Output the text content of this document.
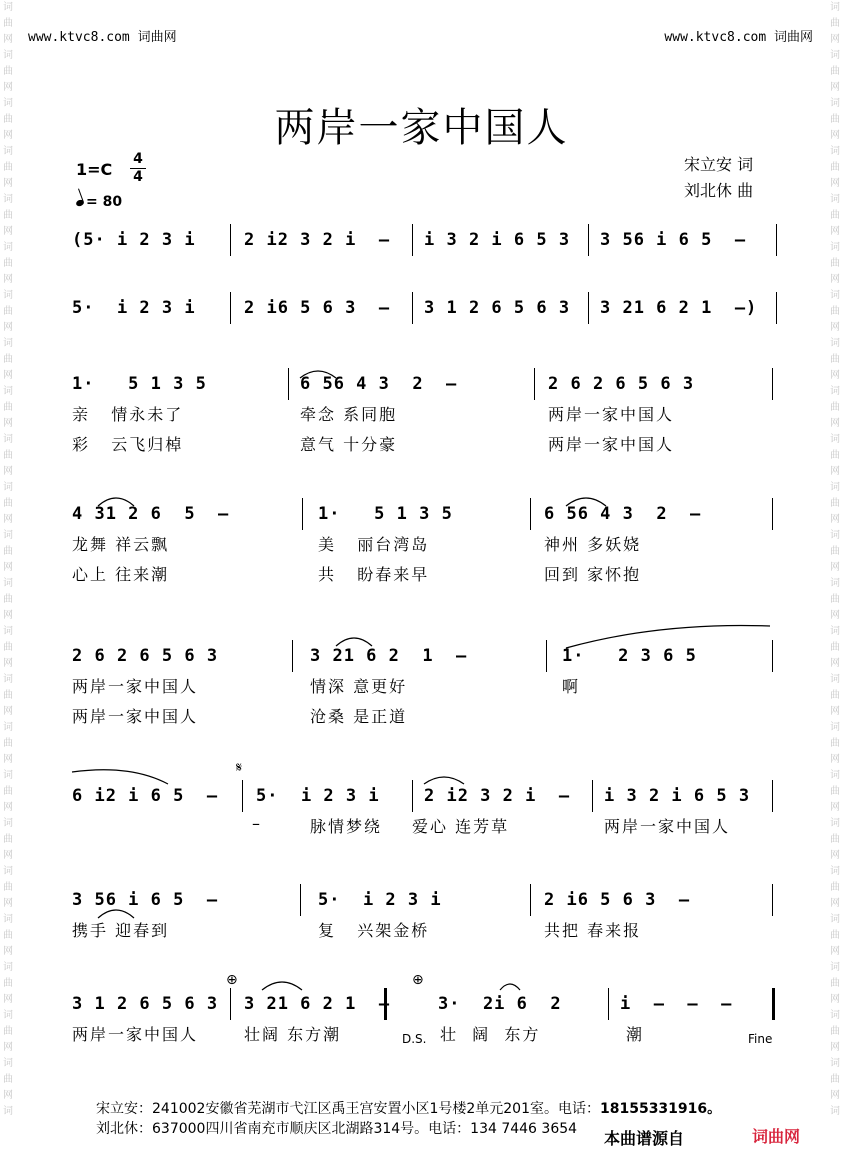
词
曲
网
词
曲
网
词
曲
网
词
曲
网
词
曲
网
词
曲
网
词
曲
网
词
曲
网
词
曲
网
词
曲
网
词
曲
网
词
曲
网
词
曲
网
词
曲
网
词
曲
网
词
曲
网
词
曲
网
词
曲
网
词
曲
网
词
曲
网
词
曲
网
词
曲
网
词
曲
网
词
词
曲
网
词
曲
网
词
曲
网
词
曲
网
词
曲
网
词
曲
网
词
曲
网
词
曲
网
词
曲
网
词
曲
网
词
曲
网
词
曲
网
词
曲
网
词
曲
网
词
曲
网
词
曲
网
词
曲
网
词
曲
网
词
曲
网
词
曲
网
词
曲
网
词
曲
网
词
曲
网
词
www.ktvc8.com 词曲网	www.ktvc8.com 词曲网
两岸一家中国人
1=C
4
4
= 80
宋立安 词
刘北休 曲
(5· i 2 3 i	2 i2 3 2 i  – i 3 2 i 6 5 3 3 56 i 6 5  –
5·  i 2 3 i	2 i6 5 6 3  – 3 1 2 6 5 6 3 3 21 6 2 1  –)
1·   5 1 3 5	6 56 4 3  2  –	2 6 2 6 5 6 3
亲   情永未了	牵念 系同胞	两岸一家中国人
彩   云飞归棹	意气 十分豪	两岸一家中国人
4 31 2 6  5  –	1·   5 1 3 5	6 56 4 3  2  –
龙舞 祥云飘	美   丽台湾岛	神州 多妖娆
心上 往来潮	共   盼春来早	回到 家怀抱
2 6 2 6 5 6 3	3 21 6 2  1  –	1·   2 3 6 5
两岸一家中国人	情深 意更好	啊
两岸一家中国人	沧桑 是正道
6 i2 i 6 5  – 5·  i 2 3 i	2 i2 3 2 i  – i 3 2 i 6 5 3
–	脉情梦绕 爱心 连芳草	两岸一家中国人
3 56 i 6 5  –	5·  i 2 3 i	2 i6 5 6 3  –
携手 迎春到	复   兴架金桥	共把 春来报
3 1 2 6 5 6 3 3 21 6 2 1  –	3·  2i 6  2	i  –  –  –
两岸一家中国人	壮阔 东方潮	壮  阔  东方	潮
𝄋
⊕	⊕
D.S.	Fine
宋立安：241002安徽省芜湖市弋江区禹王宫安置小区1号楼2单元201室。电话：18155331916。
刘北休：637000四川省南充市顺庆区北湖路314号。电话：134 7446 3654 本曲谱源自	词曲网
